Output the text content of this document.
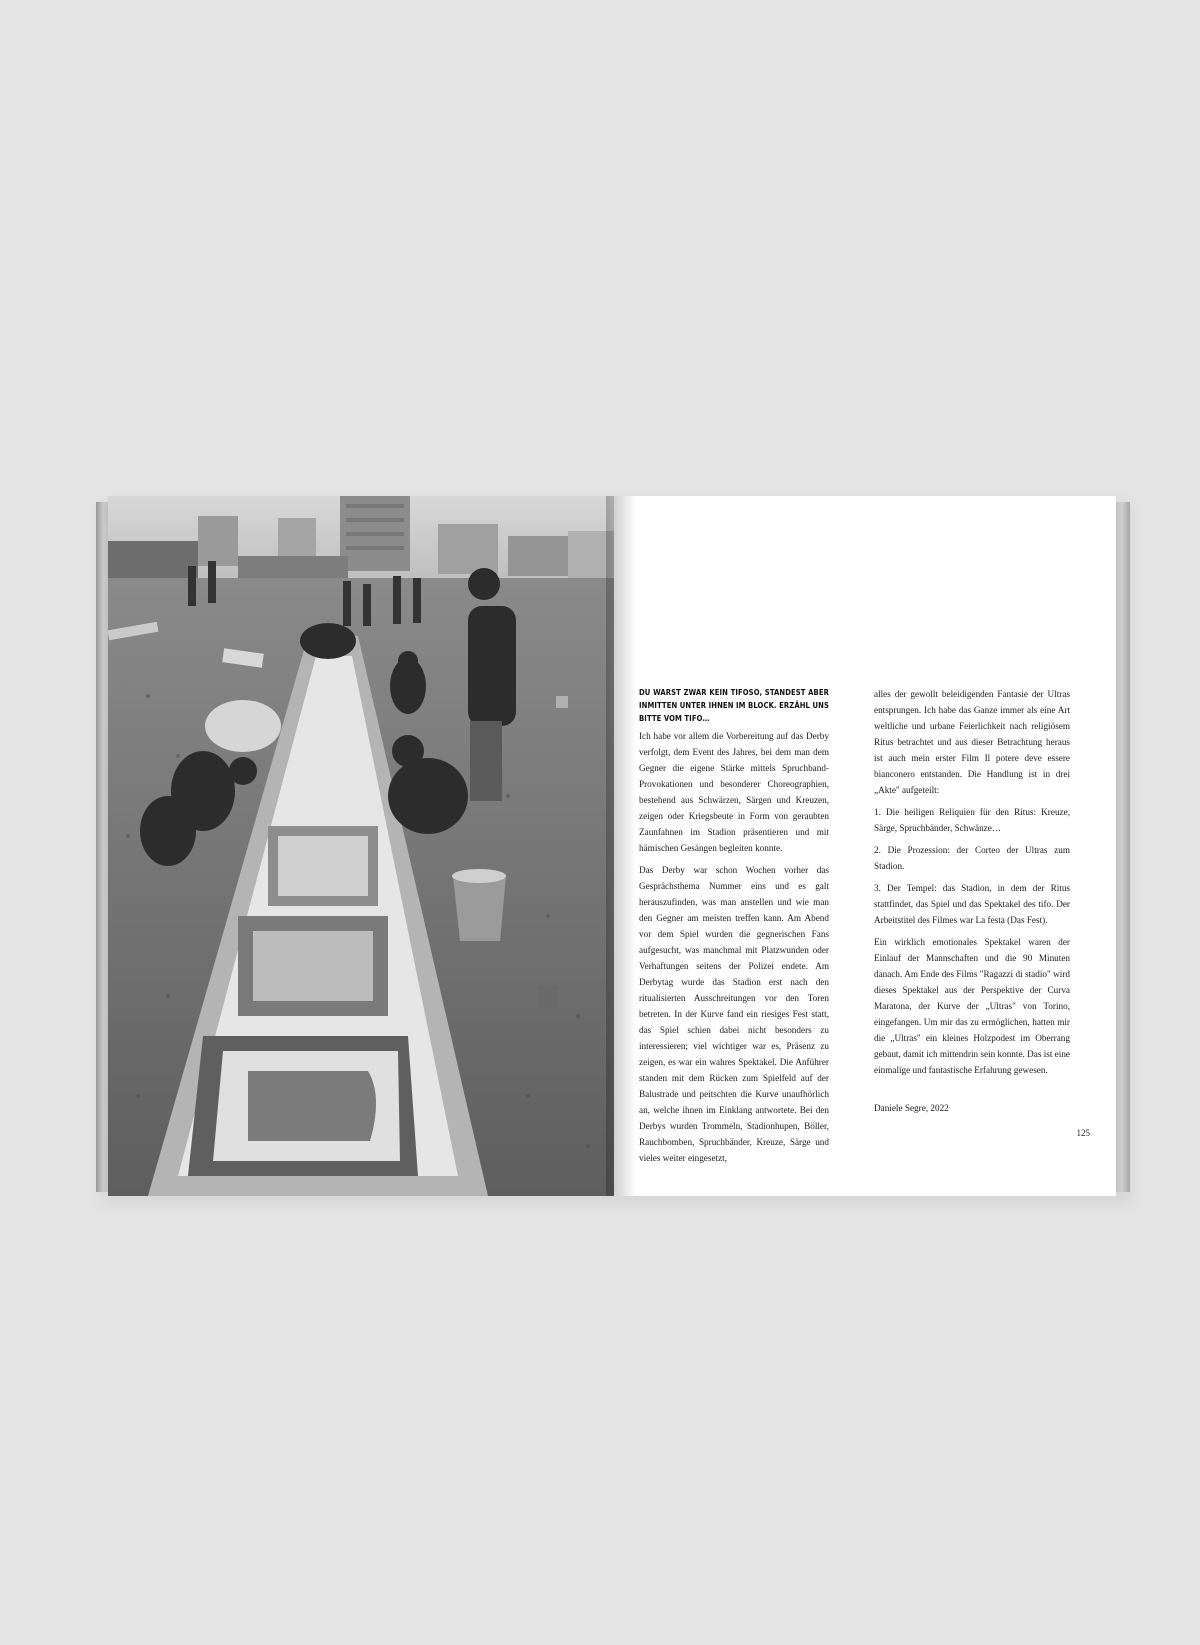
DU WARST ZWAR KEIN TIFOSO, STANDEST ABER INMITTEN UNTER IHNEN IM BLOCK. ERZÄHL UNS BITTE VOM TIFO…

Ich habe vor allem die Vorbereitung auf das Derby verfolgt, dem Event des Jahres, bei dem man dem Gegner die eigene Stärke mittels Spruchband-Provokationen und besonderer Choreographien, bestehend aus Schwärzen, Särgen und Kreuzen, zeigen oder Kriegsbeute in Form von geraubten Zaunfahnen im Stadion präsentieren und mit hämischen Gesängen begleiten konnte.

Das Derby war schon Wochen vorher das Gesprächsthema Nummer eins und es galt herauszufinden, was man anstellen und wie man den Gegner am meisten treffen kann. Am Abend vor dem Spiel wurden die gegnerischen Fans aufgesucht, was manchmal mit Platzwunden oder Verhaftungen seitens der Polizei endete. Am Derbytag wurde das Stadion erst nach den ritualisierten Ausschreitungen vor den Toren betreten. In der Kurve fand ein riesiges Fest statt, das Spiel schien dabei nicht besonders zu interessieren; viel wichtiger war es, Präsenz zu zeigen, es war ein wahres Spektakel. Die Anführer standen mit dem Rücken zum Spielfeld auf der Balustrade und peitschten die Kurve unaufhörlich an, welche ihnen im Einklang antwortete. Bei den Derbys wurden Trommeln, Stadionhupen, Böller, Rauchbomben, Spruchbänder, Kreuze, Särge und vieles weiter eingesetzt,

alles der gewollt beleidigenden Fantasie der Ultras entsprungen. Ich habe das Ganze immer als eine Art weltliche und urbane Feierlichkeit nach religiösem Ritus betrachtet und aus dieser Betrachtung heraus ist auch mein erster Film Il potere deve essere bianconero entstanden. Die Handlung ist in drei „Akte" aufgeteilt:

1. Die heiligen Reliquien für den Ritus: Kreuze, Särge, Spruchbänder, Schwänze…

2. Die Prozession: der Corteo der Ultras zum Stadion.

3. Der Tempel: das Stadion, in dem der Ritus stattfindet, das Spiel und das Spektakel des tifo. Der Arbeitstitel des Filmes war La festa (Das Fest).

Ein wirklich emotionales Spektakel waren der Einlauf der Mannschaften und die 90 Minuten danach. Am Ende des Films "Ragazzi di stadio" wird dieses Spektakel aus der Perspektive der Curva Maratona, der Kurve der „Ultras" von Torino, eingefangen. Um mir das zu ermöglichen, hatten mir die „Ultras" ein kleines Holzpodest im Oberrang gebaut, damit ich mittendrin sein konnte. Das ist eine einmalige und fantastische Erfahrung gewesen.

Daniele Segre, 2022

125
